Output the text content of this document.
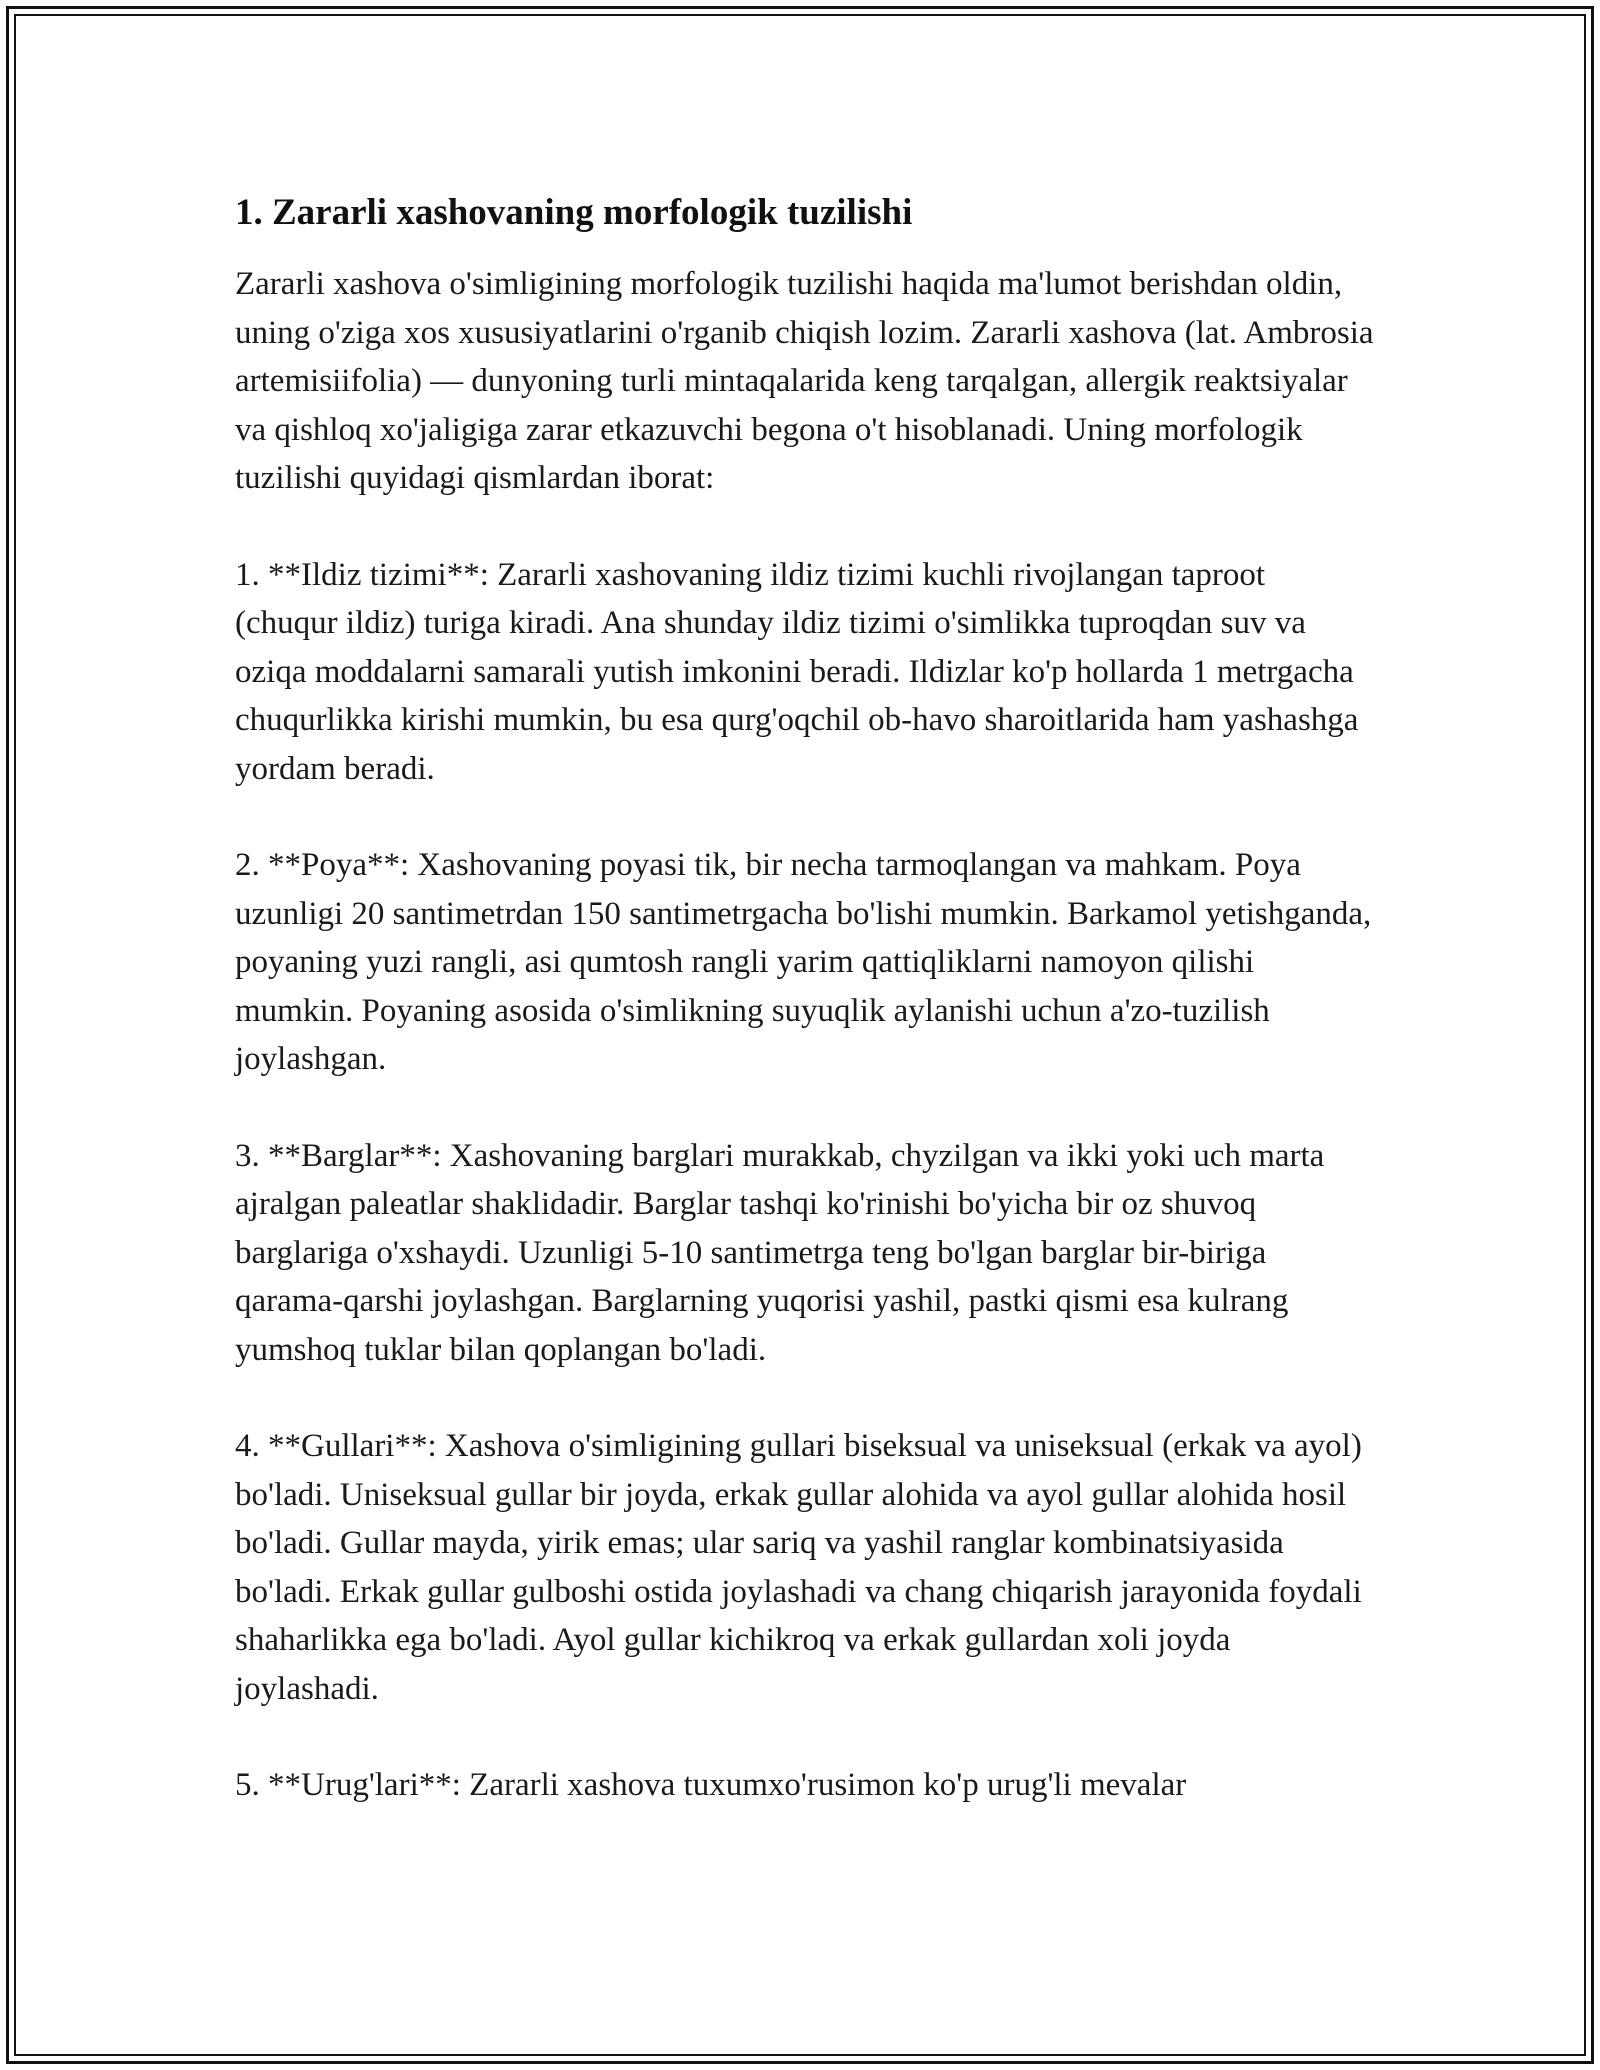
1. Zararli xashovaning morfologik tuzilishi

Zararli xashova o'simligining morfologik tuzilishi haqida ma'lumot berishdan oldin, uning o'ziga xos xususiyatlarini o'rganib chiqish lozim. Zararli xashova (lat. Ambrosia artemisiifolia) — dunyoning turli mintaqalarida keng tarqalgan, allergik reaktsiyalar va qishloq xo'jaligiga zarar etkazuvchi begona o't hisoblanadi. Uning morfologik tuzilishi quyidagi qismlardan iborat:

1. **Ildiz tizimi**: Zararli xashovaning ildiz tizimi kuchli rivojlangan taproot (chuqur ildiz) turiga kiradi. Ana shunday ildiz tizimi o'simlikka tuproqdan suv va oziqa moddalarni samarali yutish imkonini beradi. Ildizlar ko'p hollarda 1 metrgacha chuqurlikka kirishi mumkin, bu esa qurg'oqchil ob-havo sharoitlarida ham yashashga yordam beradi.

2. **Poya**: Xashovaning poyasi tik, bir necha tarmoqlangan va mahkam. Poya uzunligi 20 santimetrdan 150 santimetrgacha bo'lishi mumkin. Barkamol yetishganda, poyaning yuzi rangli, asi qumtosh rangli yarim qattiqliklarni namoyon qilishi mumkin. Poyaning asosida o'simlikning suyuqlik aylanishi uchun a'zo-tuzilish joylashgan.

3. **Barglar**: Xashovaning barglari murakkab, chyzilgan va ikki yoki uch marta ajralgan paleatlar shaklidadir. Barglar tashqi ko'rinishi bo'yicha bir oz shuvoq barglariga o'xshaydi. Uzunligi 5-10 santimetrga teng bo'lgan barglar bir-biriga qarama-qarshi joylashgan. Barglarning yuqorisi yashil, pastki qismi esa kulrang yumshoq tuklar bilan qoplangan bo'ladi.

4. **Gullari**: Xashova o'simligining gullari biseksual va uniseksual (erkak va ayol) bo'ladi. Uniseksual gullar bir joyda, erkak gullar alohida va ayol gullar alohida hosil bo'ladi. Gullar mayda, yirik emas; ular sariq va yashil ranglar kombinatsiyasida bo'ladi. Erkak gullar gulboshi ostida joylashadi va chang chiqarish jarayonida foydali shaharlikka ega bo'ladi. Ayol gullar kichikroq va erkak gullardan xoli joyda joylashadi.

5. **Urug'lari**: Zararli xashova tuxumxo'rusimon ko'p urug'li mevalar
